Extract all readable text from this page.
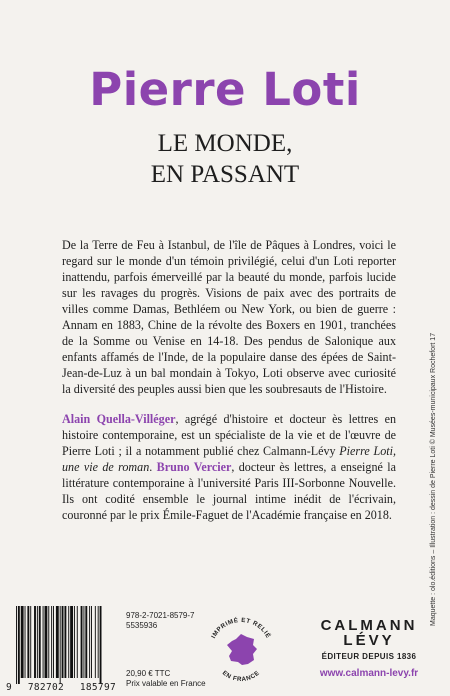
Pierre Loti
LE MONDE,
EN PASSANT

De la Terre de Feu à Istanbul, de l'île de Pâques à Londres, voici le regard sur le monde d'un témoin privilégié, celui d'un Loti reporter inattendu, parfois émerveillé par la beauté du monde, parfois lucide sur les ravages du progrès. Visions de paix avec des portraits de villes comme Damas, Bethléem ou New York, ou bien de guerre : Annam en 1883, Chine de la révolte des Boxers en 1901, tranchées de la Somme ou Venise en 14-18. Des pendus de Salonique aux enfants affamés de l'Inde, de la populaire danse des épées de Saint-Jean-de-Luz à un bal mondain à Tokyo, Loti observe avec curiosité la diversité des peuples aussi bien que les soubresauts de l'Histoire.

Alain Quella-Villéger, agrégé d'histoire et docteur ès lettres en histoire contemporaine, est un spécialiste de la vie et de l'œuvre de Pierre Loti ; il a notamment publié chez Calmann-Lévy Pierre Loti, une vie de roman. Bruno Vercier, docteur ès lettres, a enseigné la littérature contemporaine à l'université Paris III-Sorbonne Nouvelle. Ils ont codité ensemble le journal intime inédit de l'écrivain, couronné par le prix Émile-Faguet de l'Académie française en 2018.	Maquette : olo.éditions – Illustration : dessin de Pierre Loti © Musées-municipaux Rochefort 17
9 782702 185797
978-2-7021-8579-7
5535936
20,90 € TTC
Prix valable en France
IMPRIMÉ ET RELIÉ
EN FRANCE
CALMANN
LÉVY
ÉDITEUR DEPUIS 1836
www.calmann-levy.fr
